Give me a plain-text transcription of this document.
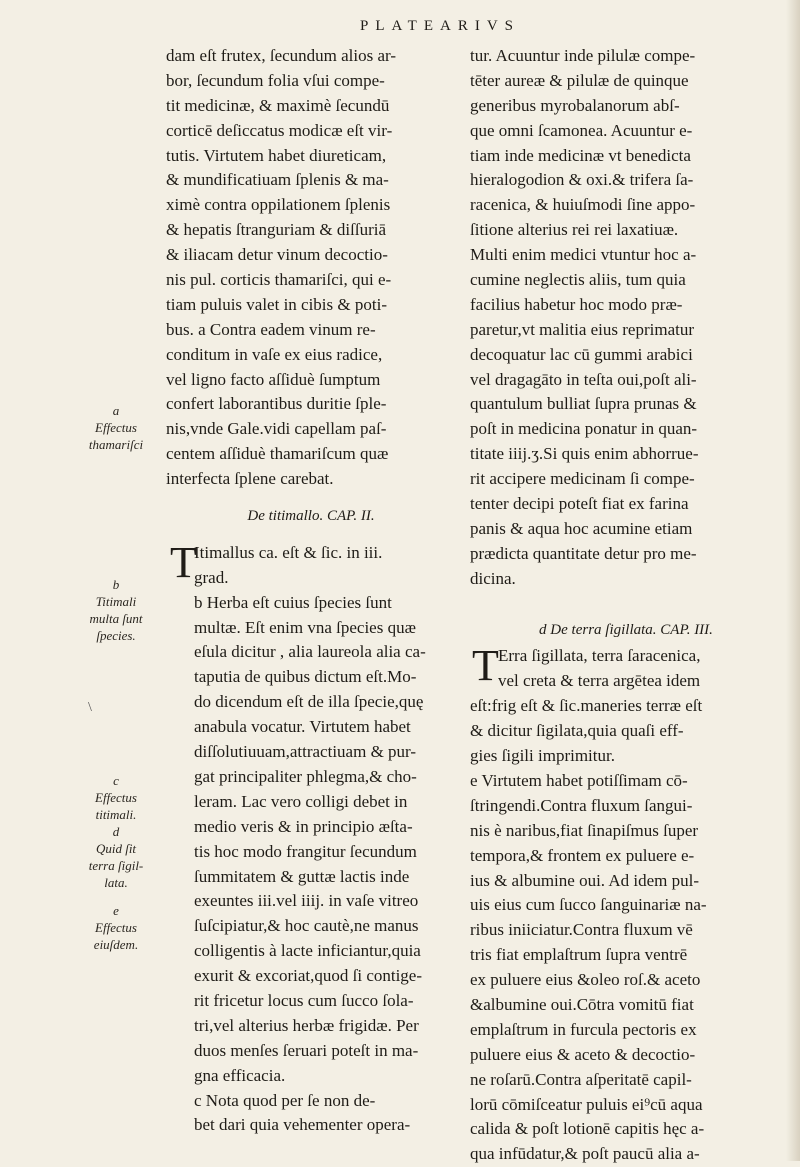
PLATEARIVS
dam eſt frutex, ſecundum alios ar-
bor, ſecundum folia vſui compe-
tit medicinæ, & maximè ſecundū
corticē deſiccatus modicæ eſt vir-
tutis. Virtutem habet diureticam,
& mundificatiuam ſplenis & ma-
ximè contra oppilationem ſplenis
& hepatis ſtranguriam & diſſuriā
& iliacam detur vinum decoctio-
nis pul. corticis thamariſci, qui e-
tiam puluis valet in cibis & poti-
bus. a Contra eadem vinum re-
conditum in vaſe ex eius radice,
vel ligno facto aſſiduè ſumptum
confert laborantibus duritie ſple-
nis,vnde Gale.vidi capellam paſ-
centem aſſiduè thamariſcum quæ
interfecta ſplene carebat.
De titimallo. CAP. II.
T
Itimallus ca. eſt & ſic. in iii.
grad.
b Herba eſt cuius ſpecies ſunt
multæ. Eſt enim vna ſpecies quæ
eſula dicitur , alia laureola alia ca-
taputia de quibus dictum eſt.Mo-
do dicendum eſt de illa ſpecie,quę
anabula vocatur. Virtutem habet
diſſolutiuuam,attractiuam & pur-
gat principaliter phlegma,& cho-
leram. Lac vero colligi debet in
medio veris & in principio æſta-
tis hoc modo frangitur ſecundum
ſummitatem & guttæ lactis inde
exeuntes iii.vel iiij. in vaſe vitreo
ſuſcipiatur,& hoc cautè,ne manus
colligentis à lacte inficiantur,quia
exurit & excoriat,quod ſi contige-
rit fricetur locus cum ſucco ſola-
tri,vel alterius herbæ frigidæ. Per
duos menſes ſeruari poteſt in ma-
gna efficacia.
c Nota quod per ſe non de-
bet dari quia vehementer opera-
tur. Acuuntur inde pilulæ compe-
tēter aureæ & pilulæ de quinque
generibus myrobalanorum abſ-
que omni ſcamonea. Acuuntur e-
tiam inde medicinæ vt benedicta
hieralogodion & oxi.& trifera ſa-
racenica, & huiuſmodi ſine appo-
ſitione alterius rei rei laxatiuæ.
Multi enim medici vtuntur hoc a-
cumine neglectis aliis, tum quia
facilius habetur hoc modo præ-
paretur,vt malitia eius reprimatur
decoquatur lac cū gummi arabici
vel dragagāto in teſta oui,poſt ali-
quantulum bulliat ſupra prunas &
poſt in medicina ponatur in quan-
titate iiij.ʒ.Si quis enim abhorrue-
rit accipere medicinam ſi compe-
tenter decipi poteſt fiat ex farina
panis & aqua hoc acumine etiam
prædicta quantitate detur pro me-
dicina.
d De terra ſigillata. CAP. III.
T Erra ſigillata, terra ſaracenica,
vel creta & terra argētea idem
eſt:frig eſt & ſic.maneries terræ eſt
& dicitur ſigilata,quia quaſi eff-
gies ſigili imprimitur.
e Virtutem habet potiſſimam cō-
ſtringendi.Contra fluxum ſangui-
nis è naribus,fiat ſinapiſmus ſuper
tempora,& frontem ex puluere e-
ius & albumine oui. Ad idem pul-
uis eius cum ſucco ſanguinariæ na-
ribus iniiciatur.Contra fluxum vē
tris fiat emplaſtrum ſupra ventrē
ex puluere eius &oleo roſ.& aceto
&albumine oui.Cōtra vomitū fiat
emplaſtrum in furcula pectoris ex
puluere eius & aceto & decoctio-
ne roſarū.Contra aſperitatē capil-
lorū cōmiſceatur puluis ei⁹cū aqua
calida & poſt lotionē capitis hęc a-
qua infūdatur,& poſt paucū alia a-
a
Effectus
thamariſci
b
Titimali
multa ſunt
ſpecies.
\
c
Effectus
titimali.
d
Quid ſit
terra ſigil-
lata.
e
Effectus
eiuſdem.
